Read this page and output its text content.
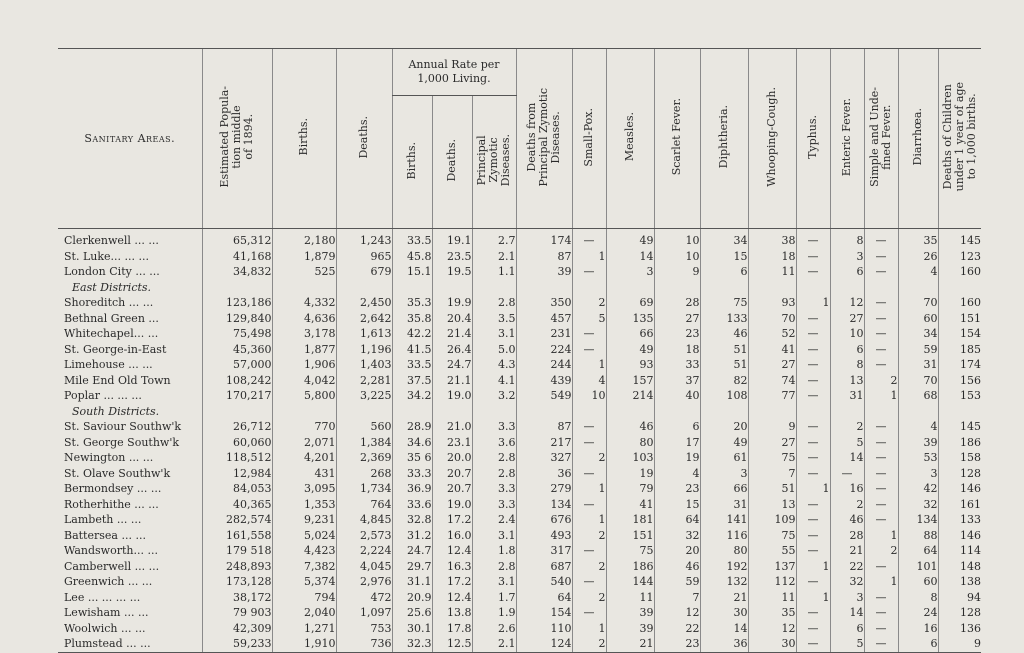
Sanitary Areas.	Estimated Popula-
tion middle
of 1894.	Births.	Deaths.	Annual Rate per
1,000 Living.			Deaths from
Principal Zymotic
Diseases.	Small-Pox.	Measles.	Scarlet Fever.	Diphtheria.	Whooping-Cough.	Typhus.	Enteric Fever.	Simple and Unde-
fined Fever.	Diarrhœa.	Deaths of Children
under 1 year of age
to 1,000 births.
				Births.	Deaths.	Principal
Zymotic
Diseases.											
Clerkenwell ... ...	65,312	2,180	1,243	33.5	19.1	2.7	174	—	49	10	34	38	—	8	—	35	145
St. Luke... ... ...	41,168	1,879	965	45.8	23.5	2.1	87	1	14	10	15	18	—	3	—	26	123
London City ... ...	34,832	525	679	15.1	19.5	1.1	39	—	3	9	6	11	—	6	—	4	160
East Districts.																	
Shoreditch ... ...	123,186	4,332	2,450	35.3	19.9	2.8	350	2	69	28	75	93	1	12	—	70	160
Bethnal Green ...	129,840	4,636	2,642	35.8	20.4	3.5	457	5	135	27	133	70	—	27	—	60	151
Whitechapel... ...	75,498	3,178	1,613	42.2	21.4	3.1	231	—	66	23	46	52	—	10	—	34	154
St. George-in-East	45,360	1,877	1,196	41.5	26.4	5.0	224	—	49	18	51	41	—	6	—	59	185
Limehouse ... ...	57,000	1,906	1,403	33.5	24.7	4.3	244	1	93	33	51	27	—	8	—	31	174
Mile End Old Town	108,242	4,042	2,281	37.5	21.1	4.1	439	4	157	37	82	74	—	13	2	70	156
Poplar ... ... ...	170,217	5,800	3,225	34.2	19.0	3.2	549	10	214	40	108	77	—	31	1	68	153
South Districts.																	
St. Saviour Southw'k	26,712	770	560	28.9	21.0	3.3	87	—	46	6	20	9	—	2	—	4	145
St. George Southw'k	60,060	2,071	1,384	34.6	23.1	3.6	217	—	80	17	49	27	—	5	—	39	186
Newington ... ...	118,512	4,201	2,369	35 6	20.0	2.8	327	2	103	19	61	75	—	14	—	53	158
St. Olave Southw'k	12,984	431	268	33.3	20.7	2.8	36	—	19	4	3	7	—	—	—	3	128
Bermondsey ... ...	84,053	3,095	1,734	36.9	20.7	3.3	279	1	79	23	66	51	1	16	—	42	146
Rotherhithe ... ...	40,365	1,353	764	33.6	19.0	3.3	134	—	41	15	31	13	—	2	—	32	161
Lambeth ... ...	282,574	9,231	4,845	32.8	17.2	2.4	676	1	181	64	141	109	—	46	—	134	133
Battersea ... ...	161,558	5,024	2,573	31.2	16.0	3.1	493	2	151	32	116	75	—	28	1	88	146
Wandsworth... ...	179 518	4,423	2,224	24.7	12.4	1.8	317	—	75	20	80	55	—	21	2	64	114
Camberwell ... ...	248,893	7,382	4,045	29.7	16.3	2.8	687	2	186	46	192	137	1	22	—	101	148
Greenwich ... ...	173,128	5,374	2,976	31.1	17.2	3.1	540	—	144	59	132	112	—	32	1	60	138
Lee ... ... ... ...	38,172	794	472	20.9	12.4	1.7	64	2	11	7	21	11	1	3	—	8	94
Lewisham ... ...	79 903	2,040	1,097	25.6	13.8	1.9	154	—	39	12	30	35	—	14	—	24	128
Woolwich ... ...	42,309	1,271	753	30.1	17.8	2.6	110	1	39	22	14	12	—	6	—	16	136
Plumstead ... ...	59,233	1,910	736	32.3	12.5	2.1	124	2	21	23	36	30	—	5	—	6	9
